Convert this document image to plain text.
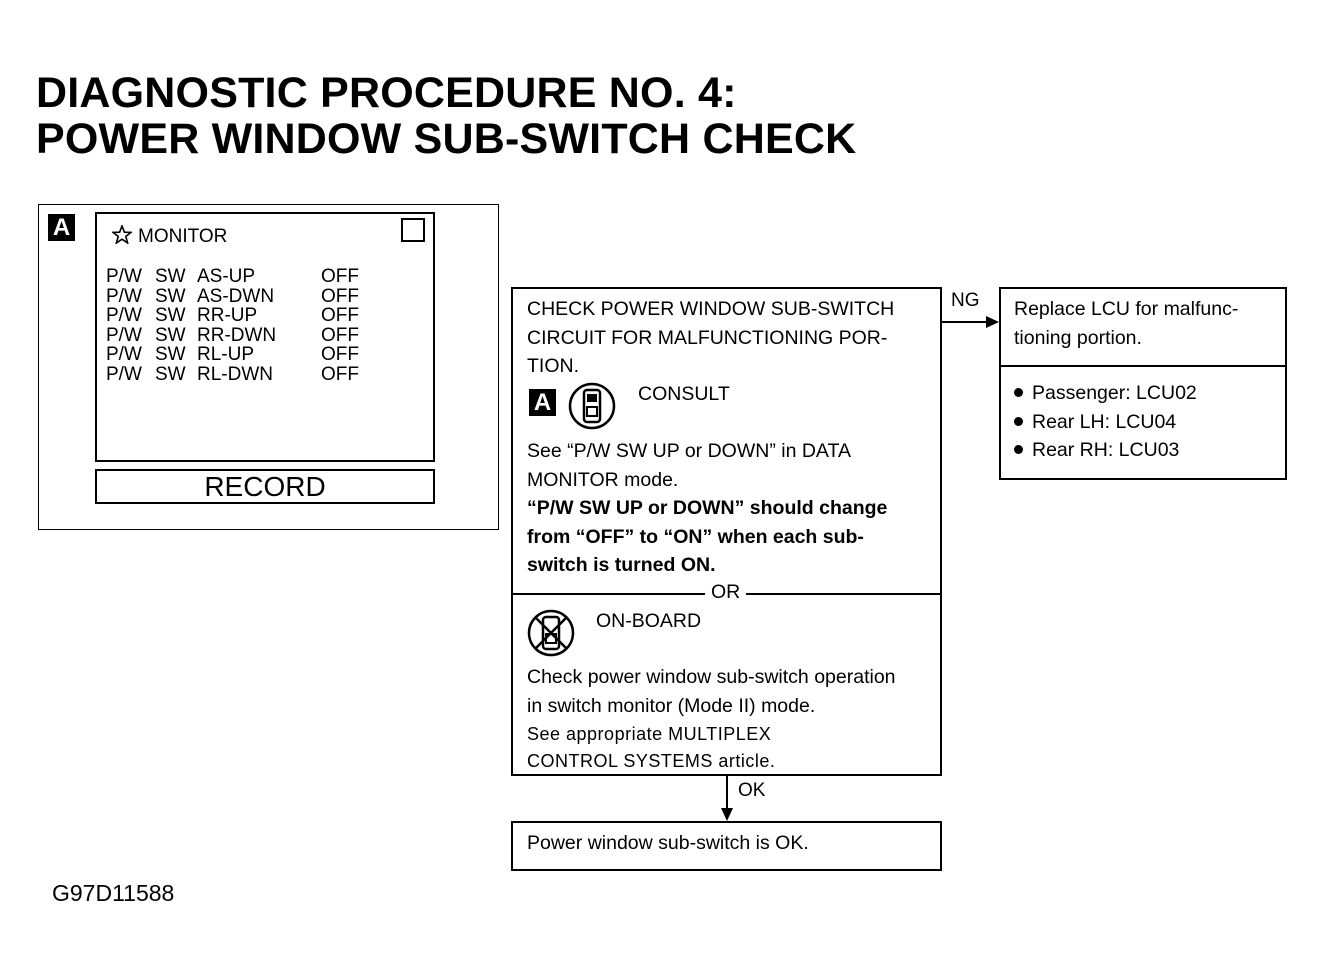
DIAGNOSTIC PROCEDURE NO. 4:
POWER WINDOW SUB-SWITCH CHECK
A	MONITOR
P/W SW AS-UP	OFF
P/W SW AS-DWN	OFF
P/W SW RR-UP	OFF
P/W SW RR-DWN	OFF
P/W SW RL-UP	OFF
P/W SW RL-DWN	OFF
RECORD
CHECK POWER WINDOW SUB-SWITCH
CIRCUIT FOR MALFUNCTIONING POR-
TION.
A	CONSULT
See “P/W SW UP or DOWN” in DATA
MONITOR mode.
“P/W SW UP or DOWN” should change
from “OFF” to “ON” when each sub-
switch is turned ON.
OR
ON-BOARD
Check power window sub-switch operation
in switch monitor (Mode II) mode.
See appropriate MULTIPLEX
CONTROL SYSTEMS article.
NG Replace LCU for malfunc-
tioning portion.
Passenger: LCU02
Rear LH: LCU04
Rear RH: LCU03
OK
Power window sub-switch is OK.
G97D11588
